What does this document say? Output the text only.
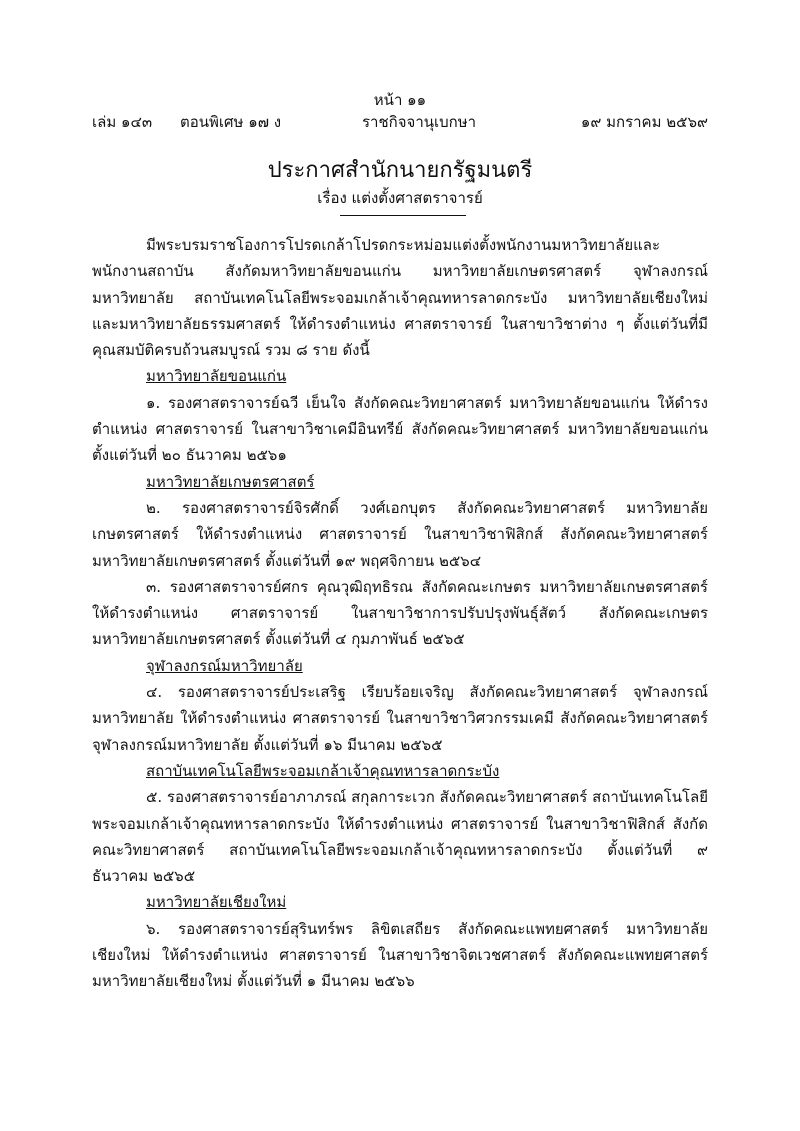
หน้า ๑๑
เล่ม ๑๔๓ ตอนพิเศษ ๑๗ ง	ราชกิจจานุเบกษา	๑๙ มกราคม ๒๕๖๙
ประกาศสำนักนายกรัฐมนตรี
เรื่อง แต่งตั้งศาสตราจารย์

มีพระบรมราชโองการโปรดเกล้าโปรดกระหม่อมแต่งตั้งพนักงานมหาวิทยาลัยและพนักงานสถาบัน สังกัดมหาวิทยาลัยขอนแก่น มหาวิทยาลัยเกษตรศาสตร์ จุฬาลงกรณ์มหาวิทยาลัย สถาบันเทคโนโลยีพระจอมเกล้าเจ้าคุณทหารลาดกระบัง มหาวิทยาลัยเชียงใหม่ และมหาวิทยาลัยธรรมศาสตร์ ให้ดำรงตำแหน่ง ศาสตราจารย์ ในสาขาวิชาต่าง ๆ ตั้งแต่วันที่มีคุณสมบัติครบถ้วนสมบูรณ์ รวม ๘ ราย ดังนี้

มหาวิทยาลัยขอนแก่น

๑. รองศาสตราจารย์ฉวี เย็นใจ สังกัดคณะวิทยาศาสตร์ มหาวิทยาลัยขอนแก่น ให้ดำรงตำแหน่ง ศาสตราจารย์ ในสาขาวิชาเคมีอินทรีย์ สังกัดคณะวิทยาศาสตร์ มหาวิทยาลัยขอนแก่น ตั้งแต่วันที่ ๒๐ ธันวาคม ๒๕๖๑

มหาวิทยาลัยเกษตรศาสตร์

๒. รองศาสตราจารย์จิรศักดิ์ วงศ์เอกบุตร สังกัดคณะวิทยาศาสตร์ มหาวิทยาลัยเกษตรศาสตร์ ให้ดำรงตำแหน่ง ศาสตราจารย์ ในสาขาวิชาฟิสิกส์ สังกัดคณะวิทยาศาสตร์ มหาวิทยาลัยเกษตรศาสตร์ ตั้งแต่วันที่ ๑๙ พฤศจิกายน ๒๕๖๔

๓. รองศาสตราจารย์ศกร คุณวุฒิฤทธิรณ สังกัดคณะเกษตร มหาวิทยาลัยเกษตรศาสตร์ ให้ดำรงตำแหน่ง ศาสตราจารย์ ในสาขาวิชาการปรับปรุงพันธุ์สัตว์ สังกัดคณะเกษตร มหาวิทยาลัยเกษตรศาสตร์ ตั้งแต่วันที่ ๔ กุมภาพันธ์ ๒๕๖๕

จุฬาลงกรณ์มหาวิทยาลัย

๔. รองศาสตราจารย์ประเสริฐ เรียบร้อยเจริญ สังกัดคณะวิทยาศาสตร์ จุฬาลงกรณ์มหาวิทยาลัย ให้ดำรงตำแหน่ง ศาสตราจารย์ ในสาขาวิชาวิศวกรรมเคมี สังกัดคณะวิทยาศาสตร์ จุฬาลงกรณ์มหาวิทยาลัย ตั้งแต่วันที่ ๑๖ มีนาคม ๒๕๖๕

สถาบันเทคโนโลยีพระจอมเกล้าเจ้าคุณทหารลาดกระบัง

๕. รองศาสตราจารย์อาภาภรณ์ สกุลการะเวก สังกัดคณะวิทยาศาสตร์ สถาบันเทคโนโลยีพระจอมเกล้าเจ้าคุณทหารลาดกระบัง ให้ดำรงตำแหน่ง ศาสตราจารย์ ในสาขาวิชาฟิสิกส์ สังกัดคณะวิทยาศาสตร์ สถาบันเทคโนโลยีพระจอมเกล้าเจ้าคุณทหารลาดกระบัง ตั้งแต่วันที่ ๙ ธันวาคม ๒๕๖๕

มหาวิทยาลัยเชียงใหม่

๖. รองศาสตราจารย์สุรินทร์พร ลิขิตเสถียร สังกัดคณะแพทยศาสตร์ มหาวิทยาลัยเชียงใหม่ ให้ดำรงตำแหน่ง ศาสตราจารย์ ในสาขาวิชาจิตเวชศาสตร์ สังกัดคณะแพทยศาสตร์ มหาวิทยาลัยเชียงใหม่ ตั้งแต่วันที่ ๑ มีนาคม ๒๕๖๖
